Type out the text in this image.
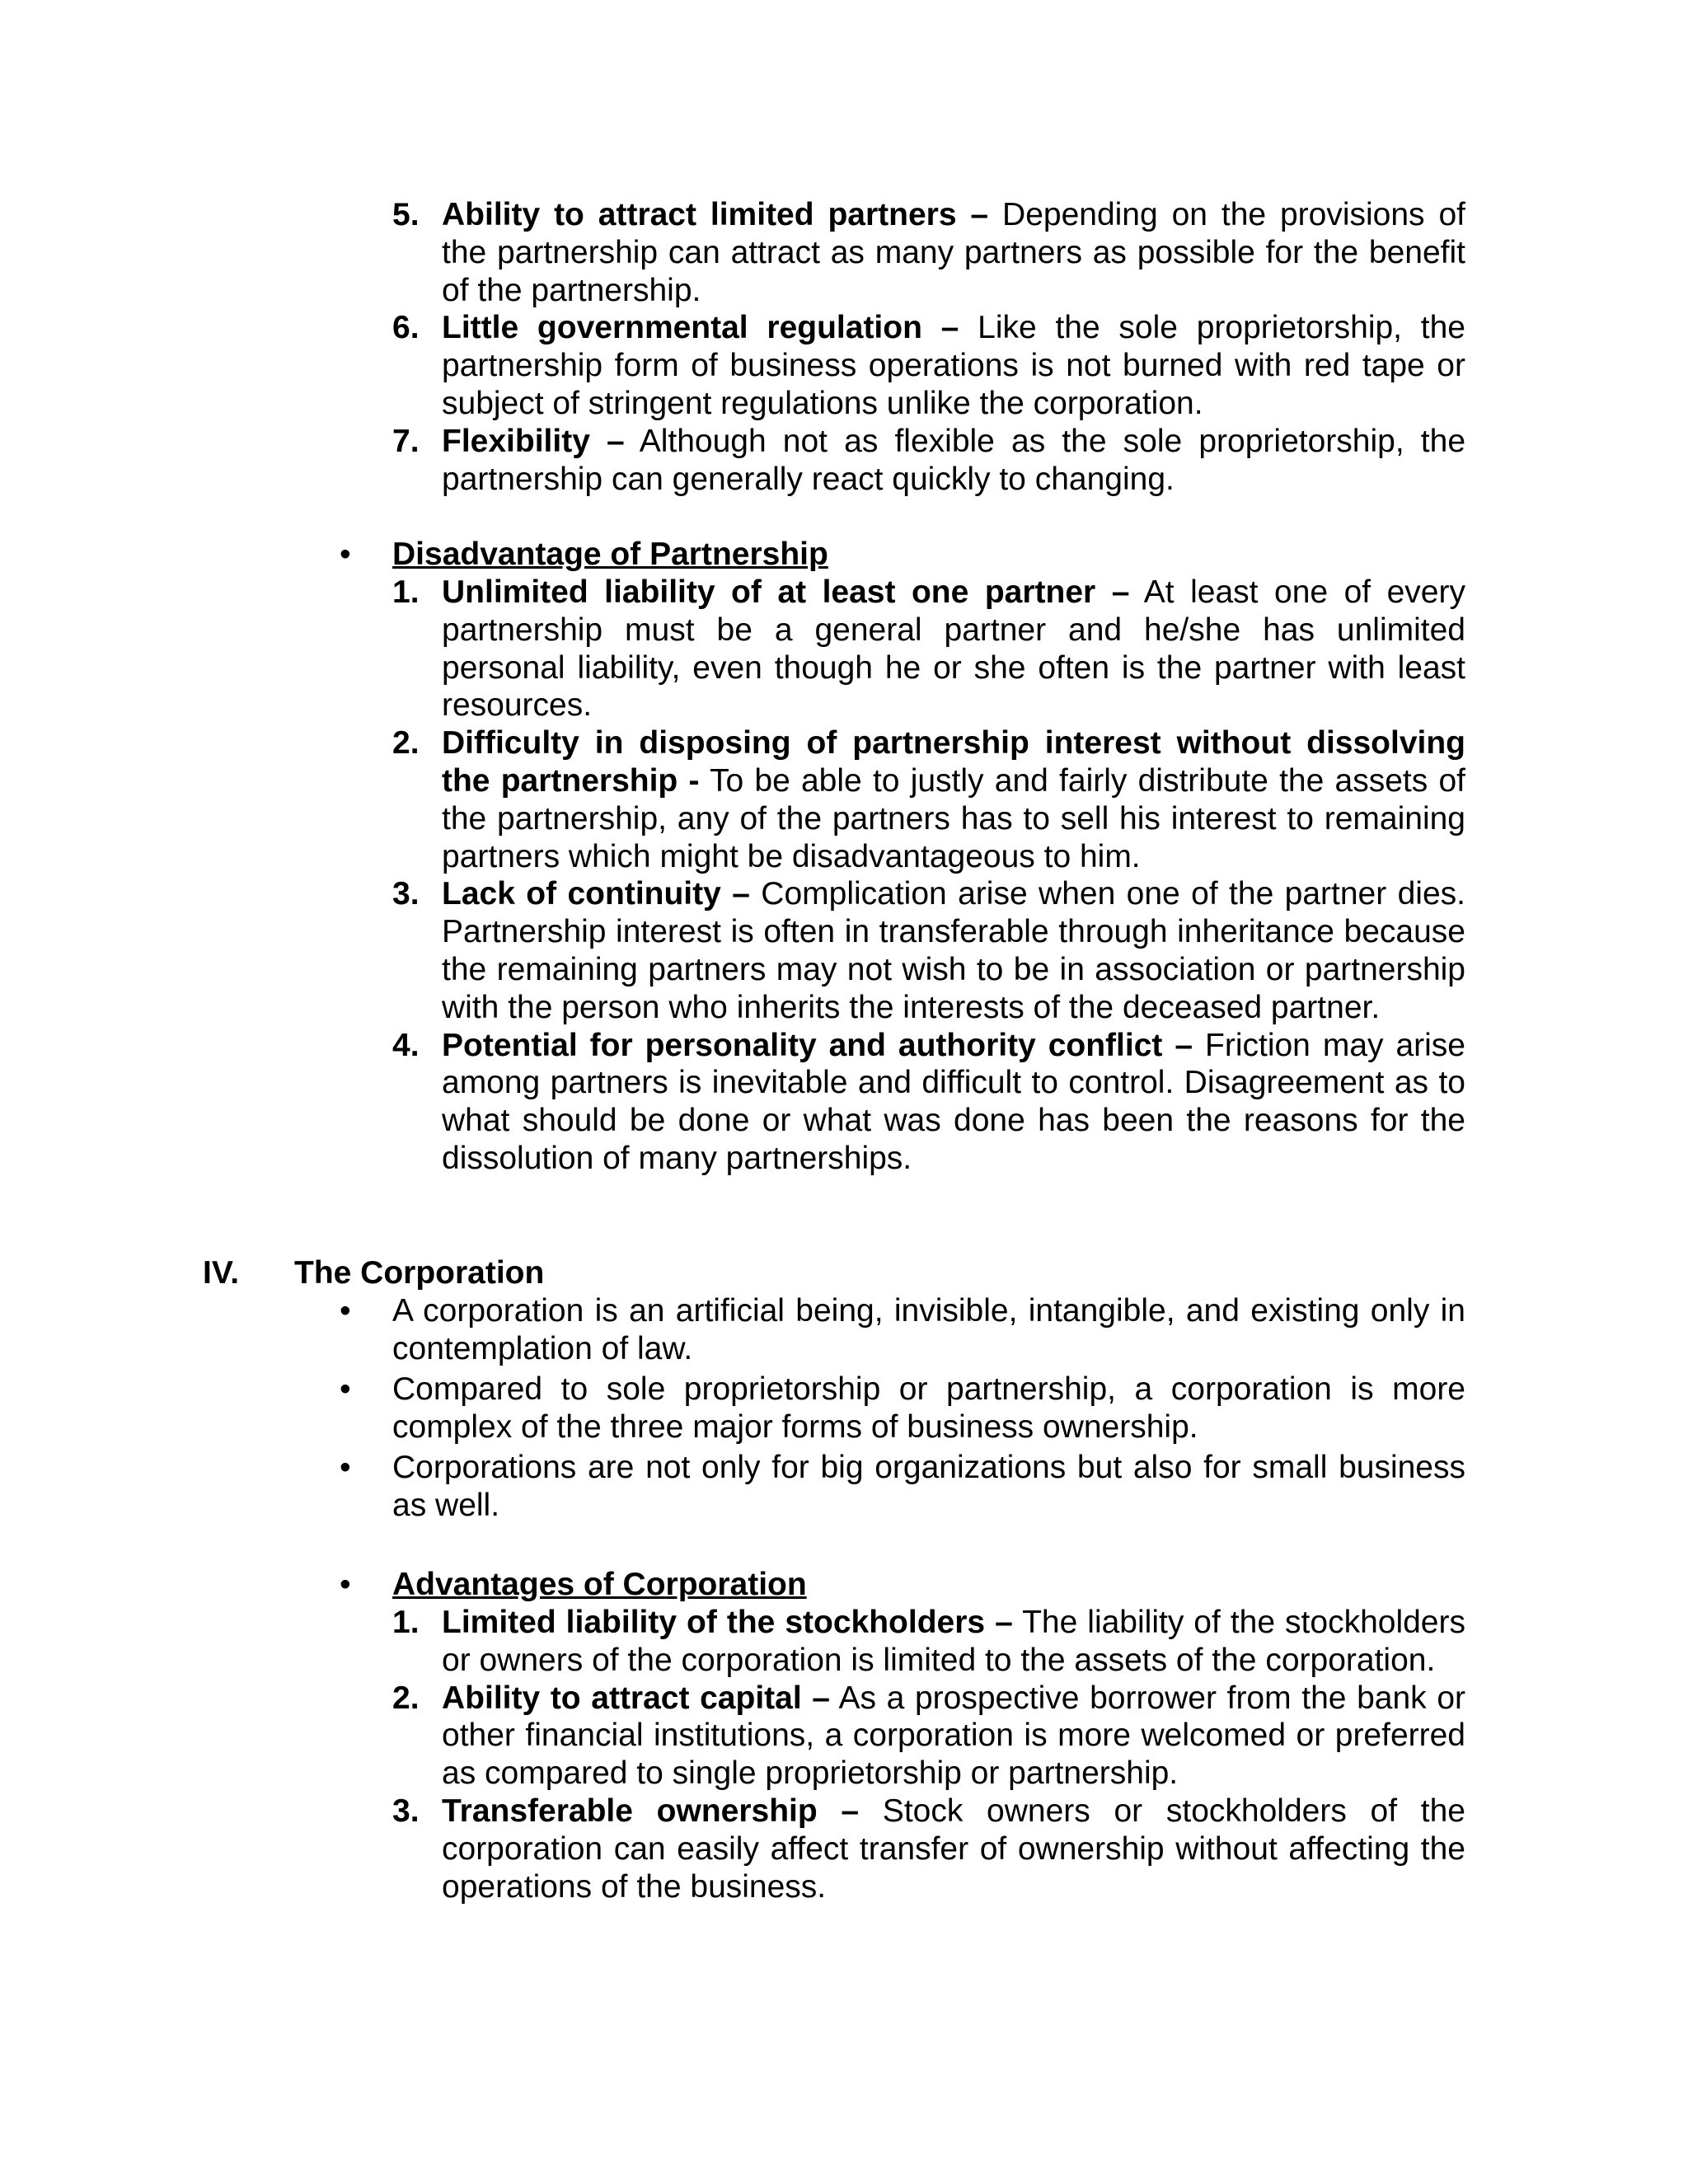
5. Ability to attract limited partners – Depending on the provisions of the partnership can attract as many partners as possible for the benefit of the partnership.
6. Little governmental regulation – Like the sole proprietorship, the partnership form of business operations is not burned with red tape or subject of stringent regulations unlike the corporation.
7. Flexibility – Although not as flexible as the sole proprietorship, the partnership can generally react quickly to changing.
• Disadvantage of Partnership
1. Unlimited liability of at least one partner – At least one of every partnership must be a general partner and he/she has unlimited personal liability, even though he or she often is the partner with least resources.
2. Difficulty in disposing of partnership interest without dissolving the partnership - To be able to justly and fairly distribute the assets of the partnership, any of the partners has to sell his interest to remaining partners which might be disadvantageous to him.
3. Lack of continuity – Complication arise when one of the partner dies. Partnership interest is often in transferable through inheritance because the remaining partners may not wish to be in association or partnership with the person who inherits the interests of the deceased partner.
4. Potential for personality and authority conflict – Friction may arise among partners is inevitable and difficult to control. Disagreement as to what should be done or what was done has been the reasons for the dissolution of many partnerships.
IV. The Corporation
• A corporation is an artificial being, invisible, intangible, and existing only in contemplation of law.
• Compared to sole proprietorship or partnership, a corporation is more complex of the three major forms of business ownership.
• Corporations are not only for big organizations but also for small business as well.
• Advantages of Corporation
1. Limited liability of the stockholders – The liability of the stockholders or owners of the corporation is limited to the assets of the corporation.
2. Ability to attract capital – As a prospective borrower from the bank or other financial institutions, a corporation is more welcomed or preferred as compared to single proprietorship or partnership.
3. Transferable ownership – Stock owners or stockholders of the corporation can easily affect transfer of ownership without affecting the operations of the business.
